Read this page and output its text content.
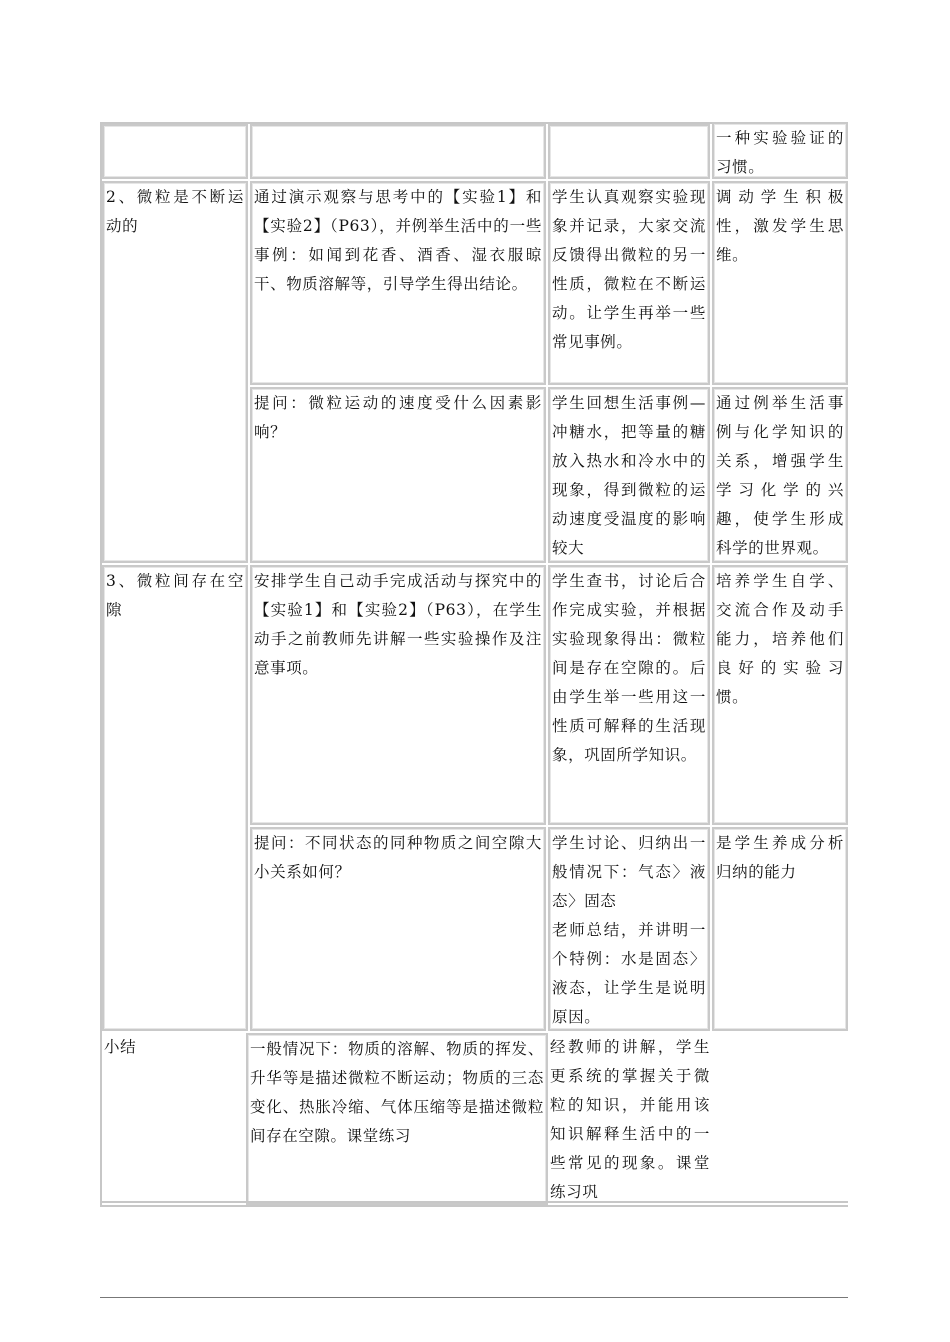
一种实验验证的习惯。
2、微粒是不断运动的
通过演示观察与思考中的【实验1】和【实验2】（P63），并例举生活中的一些事例：如闻到花香、酒香、湿衣服晾干、物质溶解等，引导学生得出结论。
学生认真观察实验现象并记录，大家交流反馈得出微粒的另一性质，微粒在不断运动。让学生再举一些常见事例。
调动学生积极性，激发学生思维。
提问：微粒运动的速度受什么因素影响？
学生回想生活事例—冲糖水，把等量的糖放入热水和冷水中的现象，得到微粒的运动速度受温度的影响较大
通过例举生活事例与化学知识的关系，增强学生学习化学的兴趣，使学生形成科学的世界观。
3、微粒间存在空隙
安排学生自己动手完成活动与探究中的【实验1】和【实验2】（P63），在学生动手之前教师先讲解一些实验操作及注意事项。
学生查书，讨论后合作完成实验，并根据实验现象得出：微粒间是存在空隙的。后由学生举一些用这一性质可解释的生活现象，巩固所学知识。
培养学生自学、交流合作及动手能力，培养他们良好的实验习惯。
提问：不同状态的同种物质之间空隙大小关系如何？
学生讨论、归纳出一般情况下：气态〉液态〉固态
老师总结，并讲明一个特例：水是固态〉液态，让学生是说明原因。
是学生养成分析归纳的能力
小结	一般情况下：物质的溶解、物质的挥发、升华等是描述微粒不断运动；物质的三态变化、热胀冷缩、气体压缩等是描述微粒间存在空隙。课堂练习
经教师的讲解，学生更系统的掌握关于微粒的知识，并能用该知识解释生活中的一些常见的现象。课堂练习巩
